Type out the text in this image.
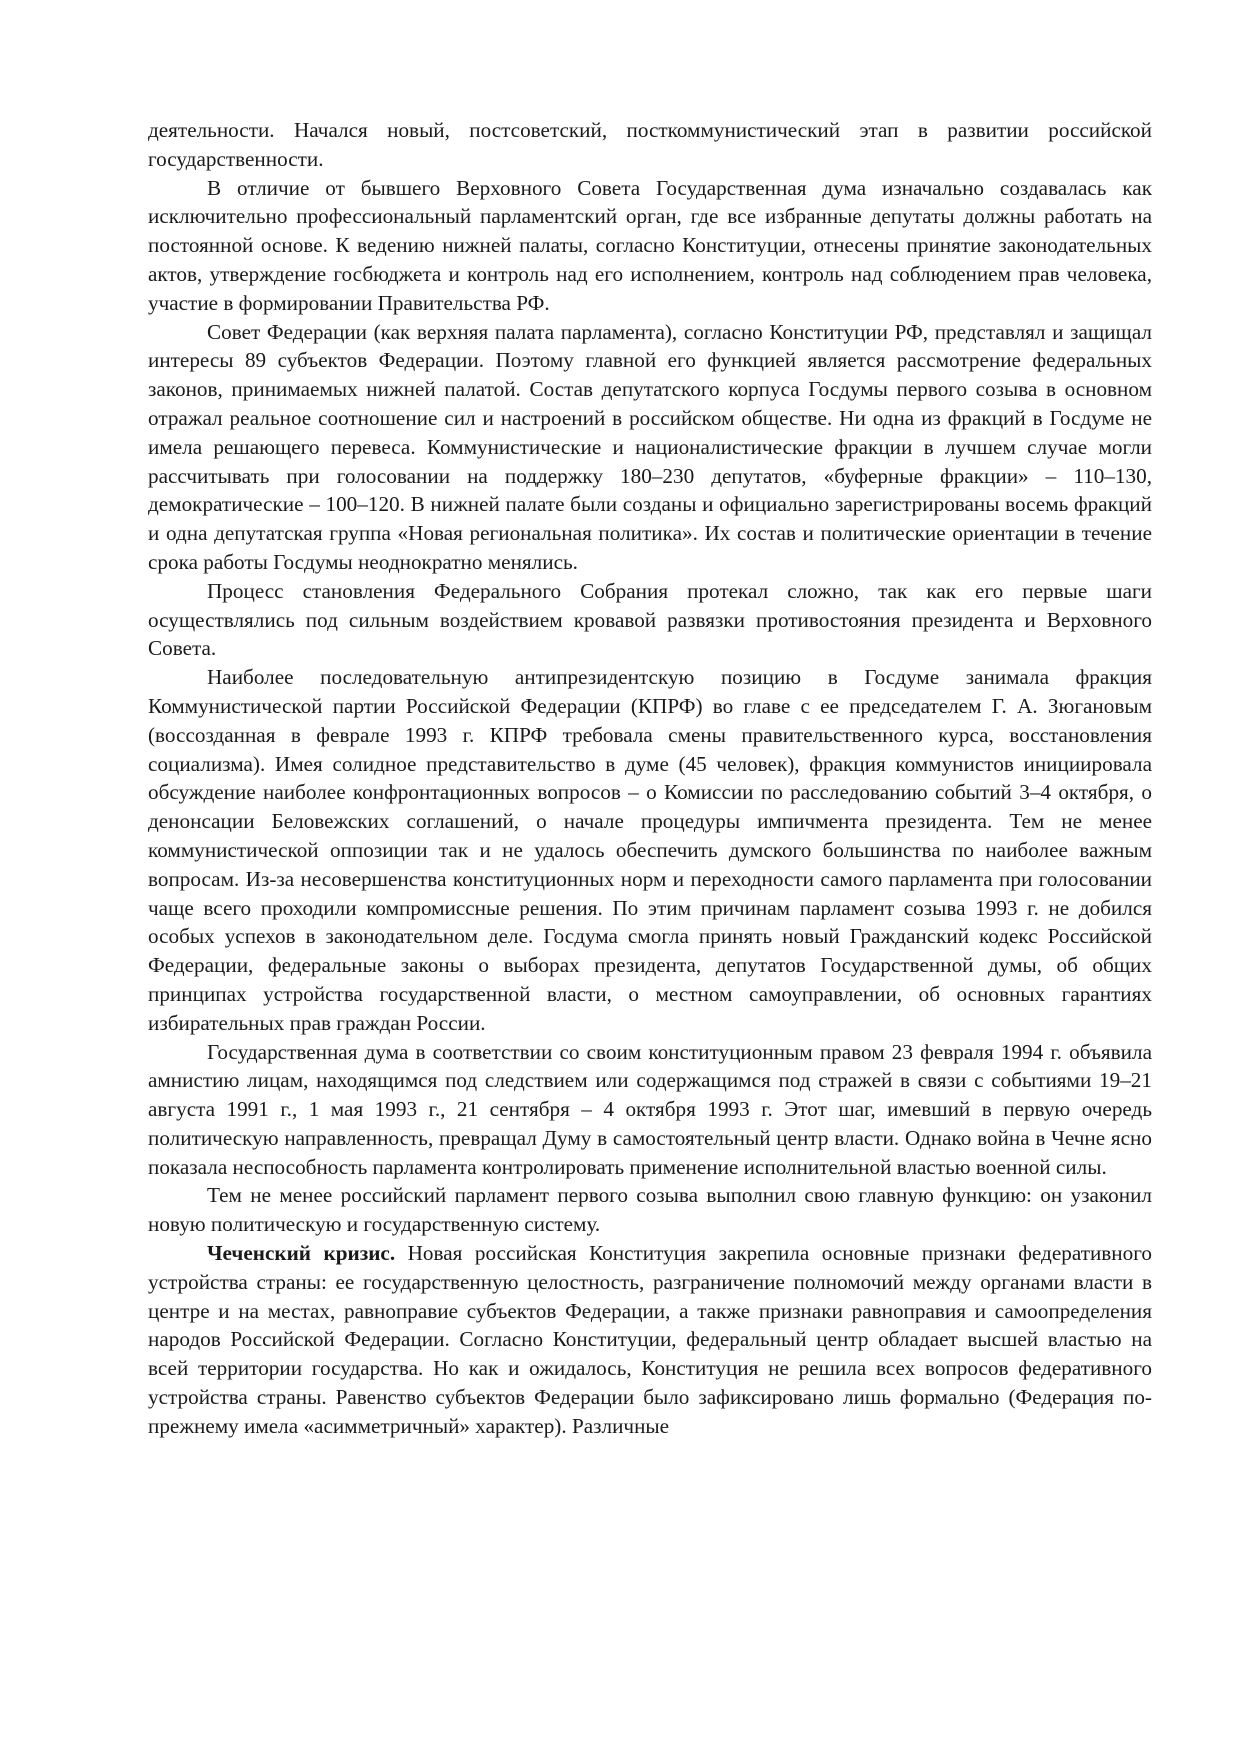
деятельности. Начался новый, постсоветский, посткоммунистический этап в развитии российской государственности.

В отличие от бывшего Верховного Совета Государственная дума изначально создавалась как исключительно профессиональный парламентский орган, где все избранные депутаты должны работать на постоянной основе. К ведению нижней палаты, согласно Конституции, отнесены принятие законодательных актов, утверждение госбюджета и контроль над его исполнением, контроль над соблюдением прав человека, участие в формировании Правительства РФ.

Совет Федерации (как верхняя палата парламента), согласно Конституции РФ, представлял и защищал интересы 89 субъектов Федерации. Поэтому главной его функцией является рассмотрение федеральных законов, принимаемых нижней палатой. Состав депутатского корпуса Госдумы первого созыва в основном отражал реальное соотношение сил и настроений в российском обществе. Ни одна из фракций в Госдуме не имела решающего перевеса. Коммунистические и националистические фракции в лучшем случае могли рассчитывать при голосовании на поддержку 180–230 депутатов, «буферные фракции» – 110–130, демократические – 100–120. В нижней палате были созданы и официально зарегистрированы восемь фракций и одна депутатская группа «Новая региональная политика». Их состав и политические ориентации в течение срока работы Госдумы неоднократно менялись.

Процесс становления Федерального Собрания протекал сложно, так как его первые шаги осуществлялись под сильным воздействием кровавой развязки противостояния президента и Верховного Совета.

Наиболее последовательную антипрезидентскую позицию в Госдуме занимала фракция Коммунистической партии Российской Федерации (КПРФ) во главе с ее председателем Г. А. Зюгановым (воссозданная в феврале 1993 г. КПРФ требовала смены правительственного курса, восстановления социализма). Имея солидное представительство в думе (45 человек), фракция коммунистов инициировала обсуждение наиболее конфронтационных вопросов – о Комиссии по расследованию событий 3–4 октября, о денонсации Беловежских соглашений, о начале процедуры импичмента президента. Тем не менее коммунистической оппозиции так и не удалось обеспечить думского большинства по наиболее важным вопросам. Из-за несовершенства конституционных норм и переходности самого парламента при голосовании чаще всего проходили компромиссные решения. По этим причинам парламент созыва 1993 г. не добился особых успехов в законодательном деле. Госдума смогла принять новый Гражданский кодекс Российской Федерации, федеральные законы о выборах президента, депутатов Государственной думы, об общих принципах устройства государственной власти, о местном самоуправлении, об основных гарантиях избирательных прав граждан России.

Государственная дума в соответствии со своим конституционным правом 23 февраля 1994 г. объявила амнистию лицам, находящимся под следствием или содержащимся под стражей в связи с событиями 19–21 августа 1991 г., 1 мая 1993 г., 21 сентября – 4 октября 1993 г. Этот шаг, имевший в первую очередь политическую направленность, превращал Думу в самостоятельный центр власти. Однако война в Чечне ясно показала неспособность парламента контролировать применение исполнительной властью военной силы.

Тем не менее российский парламент первого созыва выполнил свою главную функцию: он узаконил новую политическую и государственную систему.

Чеченский кризис. Новая российская Конституция закрепила основные признаки федеративного устройства страны: ее государственную целостность, разграничение полномочий между органами власти в центре и на местах, равноправие субъектов Федерации, а также признаки равноправия и самоопределения народов Российской Федерации. Согласно Конституции, федеральный центр обладает высшей властью на всей территории государства. Но как и ожидалось, Конституция не решила всех вопросов федеративного устройства страны. Равенство субъектов Федерации было зафиксировано лишь формально (Федерация по-прежнему имела «асимметричный» характер). Различные
